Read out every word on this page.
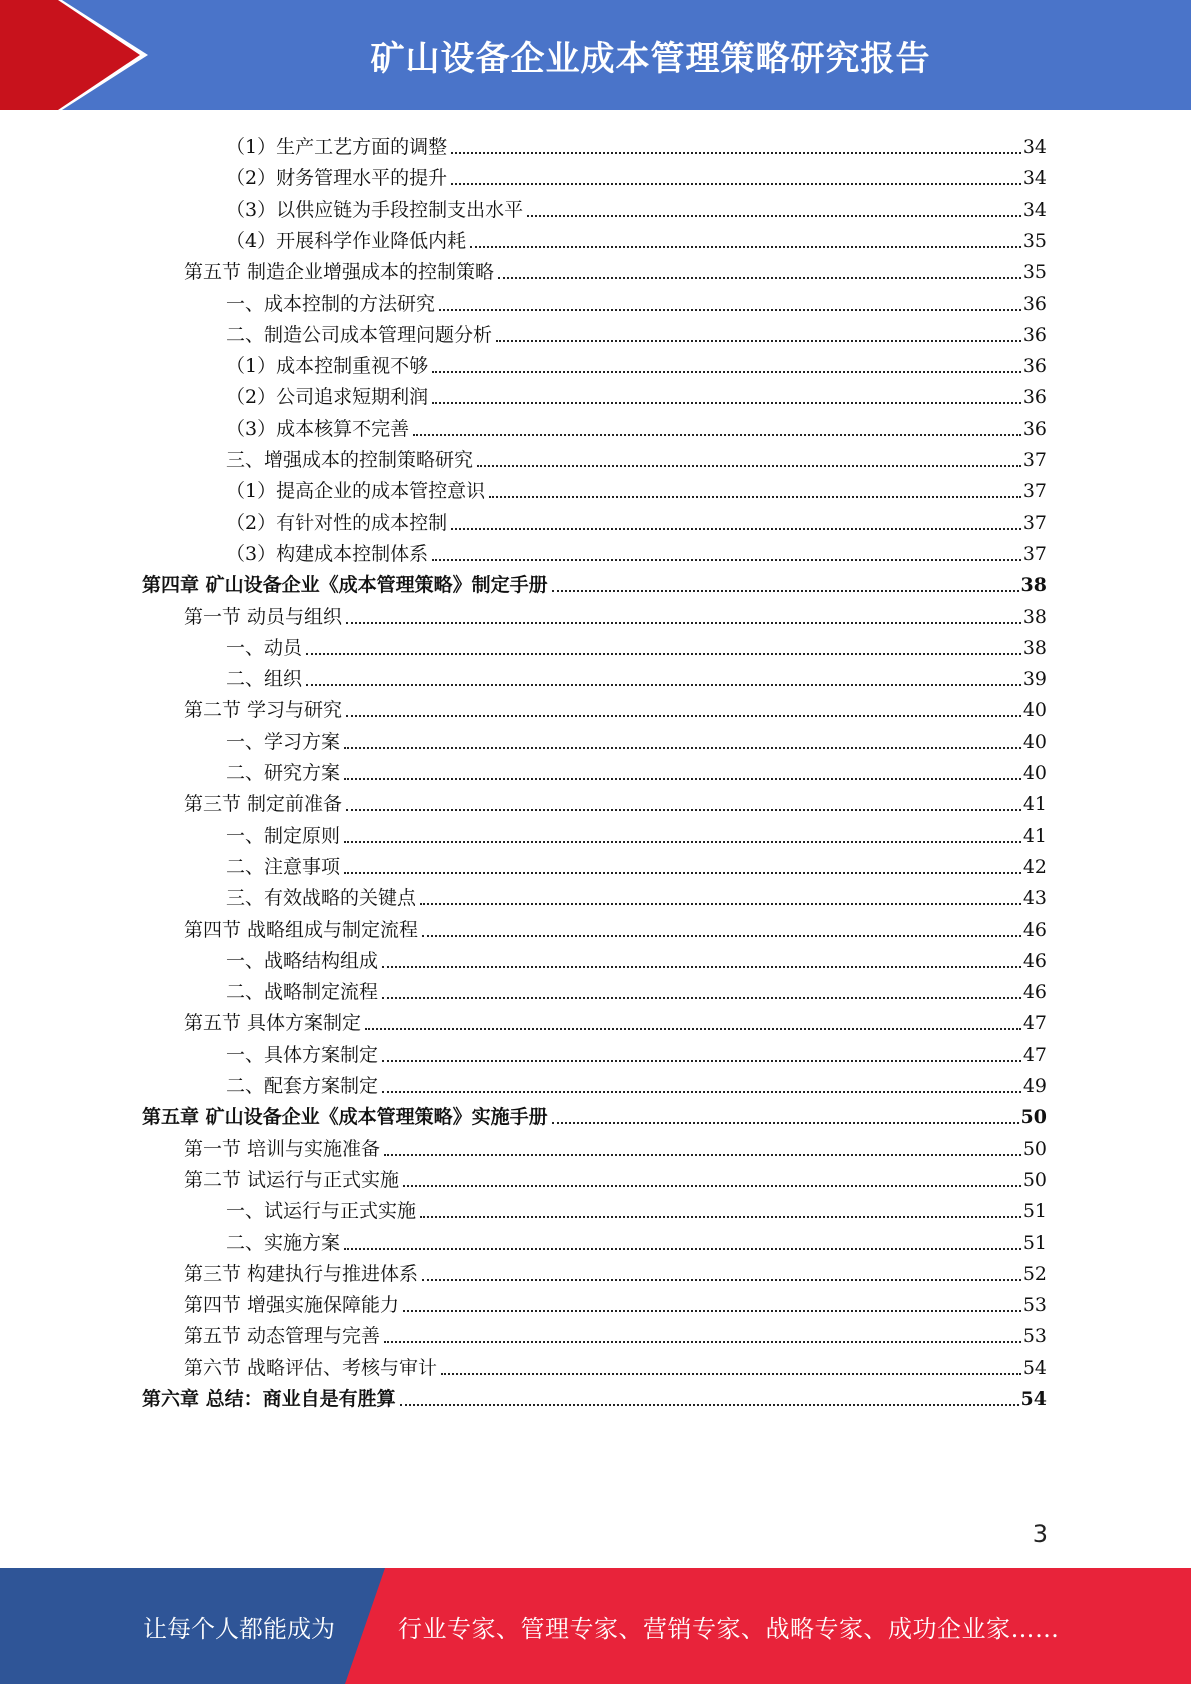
矿山设备企业成本管理策略研究报告
（1）生产工艺方面的调整	34
（2）财务管理水平的提升	34
（3）以供应链为手段控制支出水平	34
（4）开展科学作业降低内耗	35
第五节 制造企业增强成本的控制策略	35
一、成本控制的方法研究	36
二、制造公司成本管理问题分析	36
（1）成本控制重视不够	36
（2）公司追求短期利润	36
（3）成本核算不完善	36
三、增强成本的控制策略研究	37
（1）提高企业的成本管控意识	37
（2）有针对性的成本控制	37
（3）构建成本控制体系	37
第四章 矿山设备企业《成本管理策略》制定手册	38
第一节 动员与组织	38
一、动员	38
二、组织	39
第二节 学习与研究	40
一、学习方案	40
二、研究方案	40
第三节 制定前准备	41
一、制定原则	41
二、注意事项	42
三、有效战略的关键点	43
第四节 战略组成与制定流程	46
一、战略结构组成	46
二、战略制定流程	46
第五节 具体方案制定	47
一、具体方案制定	47
二、配套方案制定	49
第五章 矿山设备企业《成本管理策略》实施手册	50
第一节 培训与实施准备	50
第二节 试运行与正式实施	50
一、试运行与正式实施	51
二、实施方案	51
第三节 构建执行与推进体系	52
第四节 增强实施保障能力	53
第五节 动态管理与完善	53
第六节 战略评估、考核与审计	54
第六章 总结：商业自是有胜算	54
3
让每个人都能成为	行业专家、管理专家、营销专家、战略专家、成功企业家……
